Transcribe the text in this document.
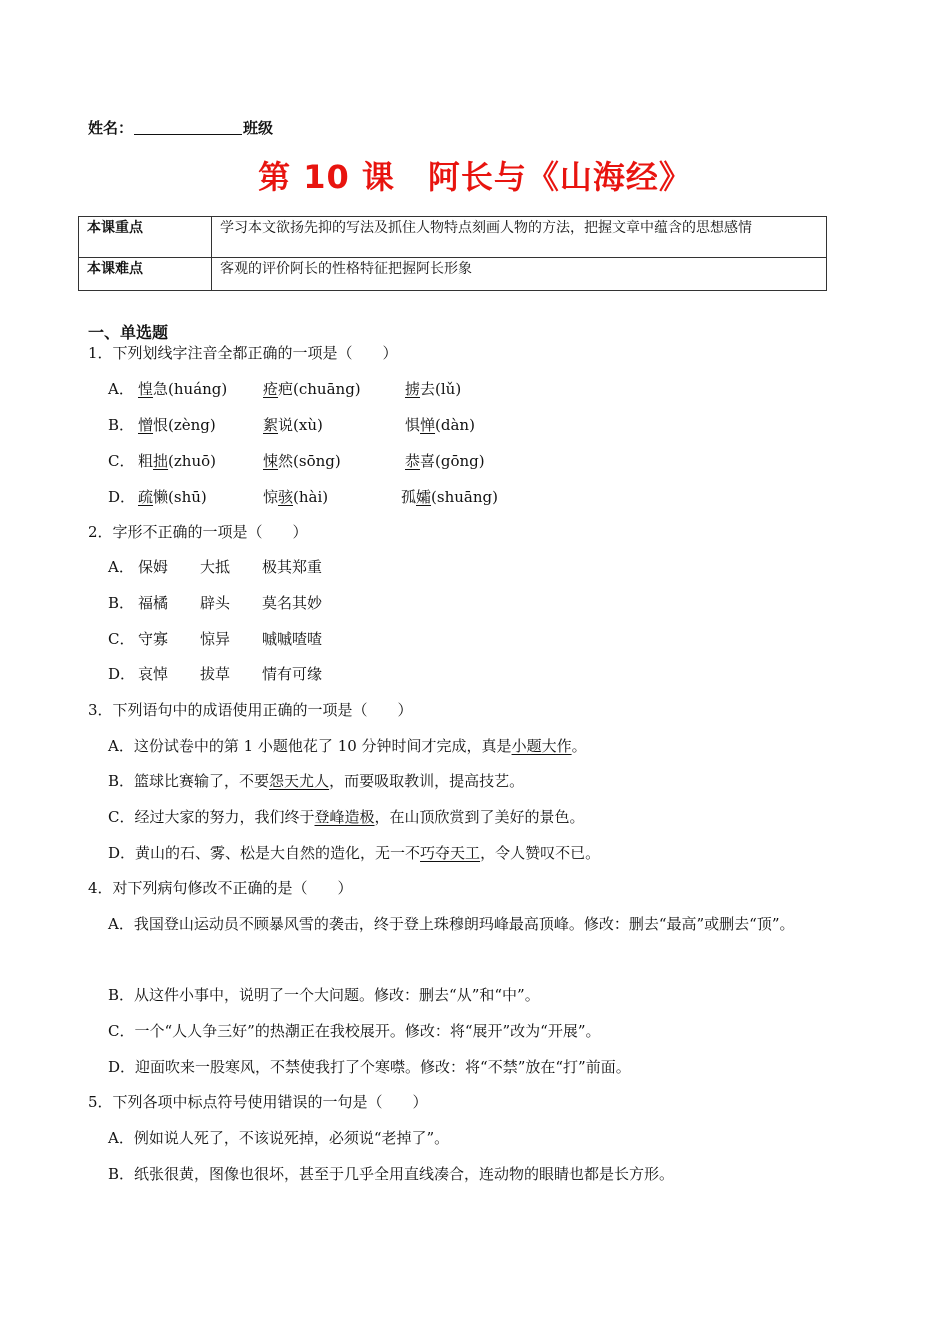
姓名：	班级
第 10 课　阿长与《山海经》
本课重点	学习本文欲扬先抑的写法及抓住人物特点刻画人物的方法，把握文章中蕴含的思想感情
本课难点	客观的评价阿长的性格特征把握阿长形象
一、单选题
1．下列划线字注音全都正确的一项是（　　）
A． 惶急(huáng) 疮疤(chuāng)	掳去(lǔ)
B． 憎恨(zèng)	絮说(xù)	惧惮(dàn)
C． 粗拙(zhuō)	悚然(sōng)	恭喜(gōng)
D． 疏懒(shū)	惊骇(hài)	孤孀(shuāng)
2．字形不正确的一项是（　　）
A． 保姆 大抵 极其郑重
B． 福橘 辟头 莫名其妙
C． 守寡 惊异 嘁嘁喳喳
D． 哀悼 拔草 情有可缘
3．下列语句中的成语使用正确的一项是（　　）
A．这份试卷中的第 1 小题他花了 10 分钟时间才完成，真是小题大作。
B．篮球比赛输了，不要怨天尤人，而要吸取教训，提高技艺。
C．经过大家的努力，我们终于登峰造极，在山顶欣赏到了美好的景色。
D．黄山的石、雾、松是大自然的造化，无一不巧夺天工，令人赞叹不已。
4．对下列病句修改不正确的是（　　）
A．我国登山运动员不顾暴风雪的袭击，终于登上珠穆朗玛峰最高顶峰。修改：删去“最高”或删去“顶”。
B．从这件小事中，说明了一个大问题。修改：删去“从”和“中”。
C．一个“人人争三好”的热潮正在我校展开。修改：将“展开”改为“开展”。
D．迎面吹来一股寒风，不禁使我打了个寒噤。修改：将“不禁”放在“打”前面。
5．下列各项中标点符号使用错误的一句是（　　）
A．例如说人死了，不该说死掉，必须说“老掉了”。
B．纸张很黄，图像也很坏，甚至于几乎全用直线凑合，连动物的眼睛也都是长方形。
